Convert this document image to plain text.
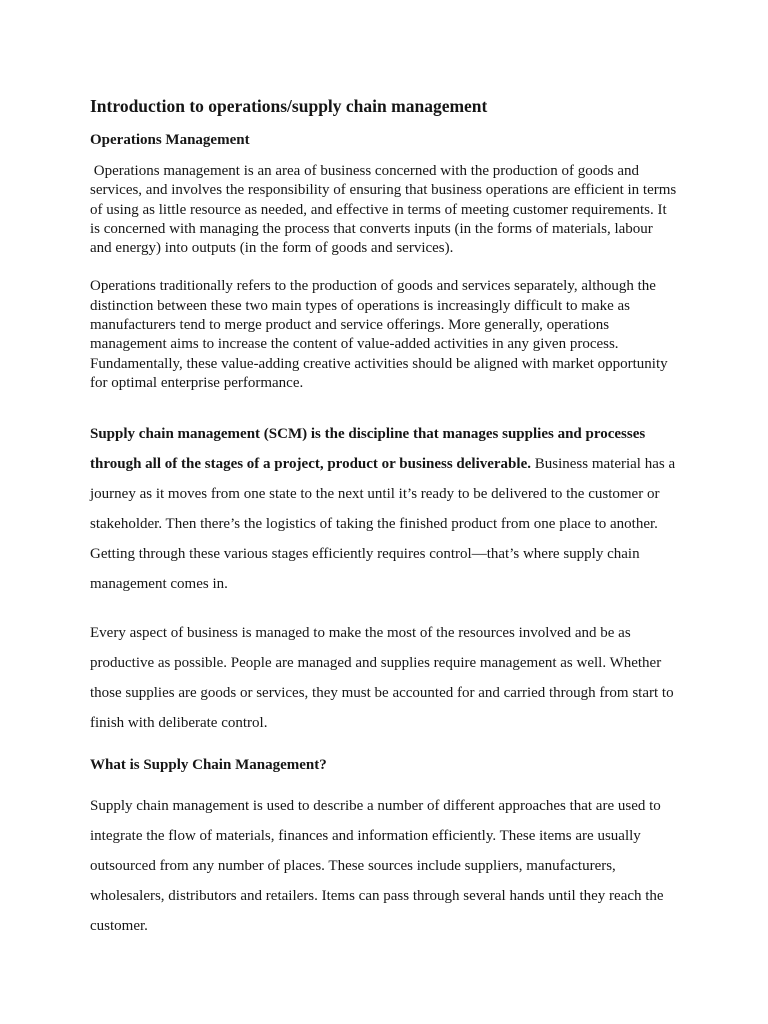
Introduction to operations/supply chain management
Operations Management

Operations management is an area of business concerned with the production of goods and services, and involves the responsibility of ensuring that business operations are efficient in terms of using as little resource as needed, and effective in terms of meeting customer requirements. It is concerned with managing the process that converts inputs (in the forms of materials, labour and energy) into outputs (in the form of goods and services).

Operations traditionally refers to the production of goods and services separately, although the distinction between these two main types of operations is increasingly difficult to make as manufacturers tend to merge product and service offerings. More generally, operations management aims to increase the content of value-added activities in any given process. Fundamentally, these value-adding creative activities should be aligned with market opportunity for optimal enterprise performance.

Supply chain management (SCM) is the discipline that manages supplies and processes through all of the stages of a project, product or business deliverable. Business material has a journey as it moves from one state to the next until it’s ready to be delivered to the customer or stakeholder. Then there’s the logistics of taking the finished product from one place to another. Getting through these various stages efficiently requires control—that’s where supply chain management comes in.

Every aspect of business is managed to make the most of the resources involved and be as productive as possible. People are managed and supplies require management as well. Whether those supplies are goods or services, they must be accounted for and carried through from start to finish with deliberate control.

What is Supply Chain Management?

Supply chain management is used to describe a number of different approaches that are used to integrate the flow of materials, finances and information efficiently. These items are usually outsourced from any number of places. These sources include suppliers, manufacturers, wholesalers, distributors and retailers. Items can pass through several hands until they reach the customer.
